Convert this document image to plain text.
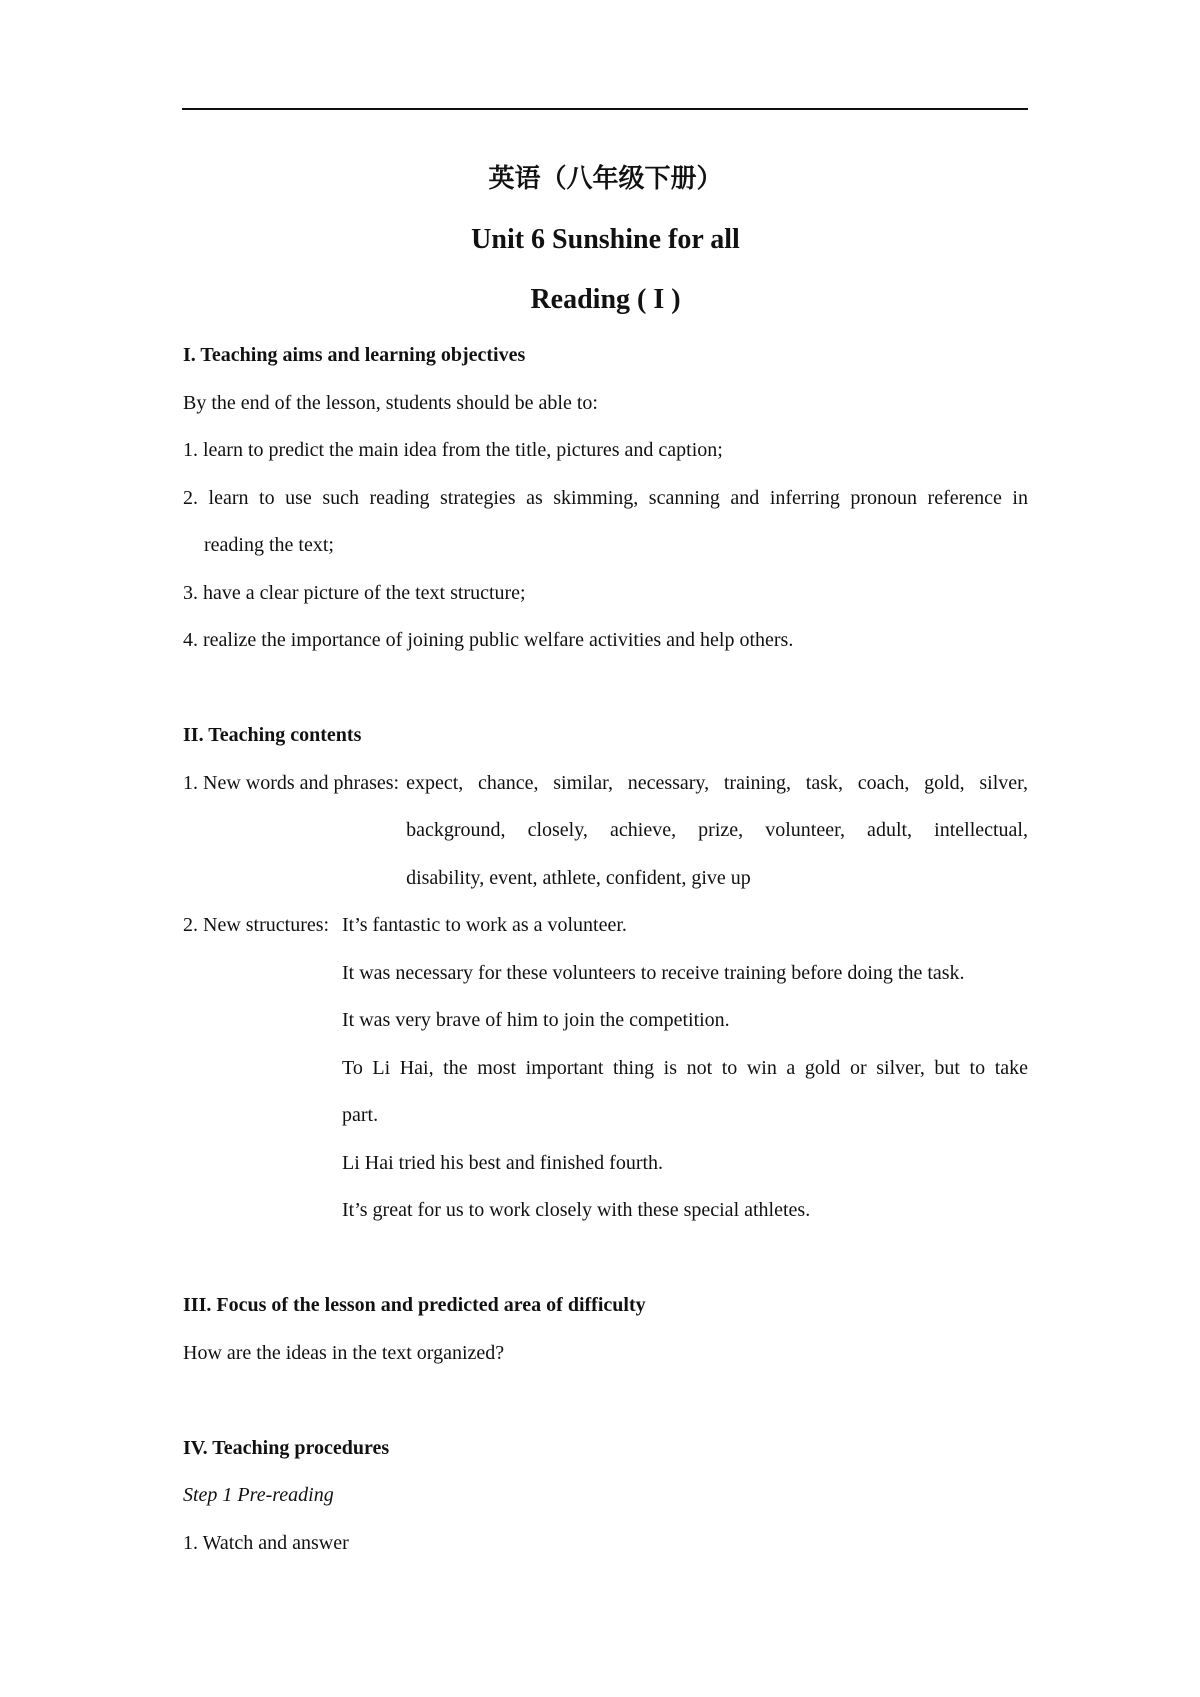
英语（八年级下册）
Unit 6 Sunshine for all
Reading ( I )

I. Teaching aims and learning objectives

By the end of the lesson, students should be able to:

1. learn to predict the main idea from the title, pictures and caption;

2. learn to use such reading strategies as skimming, scanning and inferring pronoun reference in

reading the text;

3. have a clear picture of the text structure;

4. realize the importance of joining public welfare activities and help others.

II. Teaching contents

1. New words and phrases: expect, chance, similar, necessary, training, task, coach, gold, silver,

background, closely, achieve, prize, volunteer, adult, intellectual,

disability, event, athlete, confident, give up

2. New structures: It’s fantastic to work as a volunteer.

It was necessary for these volunteers to receive training before doing the task.

It was very brave of him to join the competition.

To Li Hai, the most important thing is not to win a gold or silver, but to take

part.

Li Hai tried his best and finished fourth.

It’s great for us to work closely with these special athletes.

III. Focus of the lesson and predicted area of difficulty

How are the ideas in the text organized?

IV. Teaching procedures

Step 1 Pre-reading

1. Watch and answer
